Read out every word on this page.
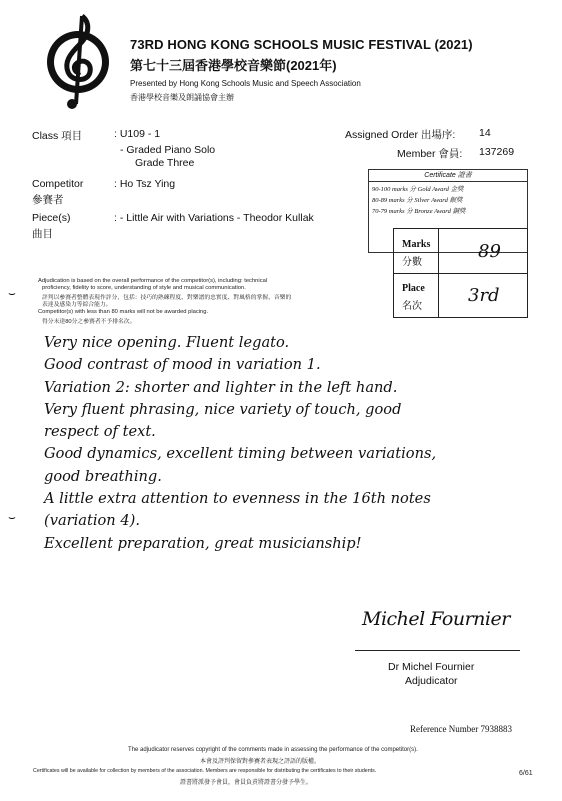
73RD HONG KONG SCHOOLS MUSIC FESTIVAL (2021)
第七十三屆香港學校音樂節(2021年)
Presented by Hong Kong Schools Music and Speech Association
香港學校音樂及朗誦協會主辦
Class 項目	: U109 - 1
- Graded Piano Solo
Grade Three
Assigned Order 出場序: 14
Member 會員: 137269
Competitor
參賽者
: Ho Tsz Ying
Piece(s)
曲目
: - Little Air with Variations - Theodor Kullak
Certificate 證書
90-100 marks 分 Gold Award 金獎
80-89 marks 分 Silver Award 銀獎
70-79 marks 分 Bronze Award 銅獎
Marks
分數
89
Place
名次
3rd
Adjudication is based on the overall performance of the competitor(s), including: technical
proficiency, fidelity to score, understanding of style and musical communication.
評判以參賽者整體表現作評分，包括：技巧的熟練程度、對樂譜的忠實度、對風格的掌握、音樂的
表達及感染力等綜合能力。
Competitor(s) with less than 80 marks will not be awarded placing.
得分未達80分之參賽者不予排名次。
⌣
⌣
Very nice opening. Fluent legato.
Good contrast of mood in variation 1.
Variation 2: shorter and lighter in the left hand.
Very fluent phrasing, nice variety of touch, good
respect of text.
Good dynamics, excellent timing between variations,
good breathing.
A little extra attention to evenness in the 16th notes
(variation 4).
Excellent preparation, great musicianship!
Michel Fournier
Dr Michel Fournier
Adjudicator
Reference Number 7938883
The adjudicator reserves copyright of the comments made in assessing the performance of the competitor(s).
本會及評判保留對參賽者表現之評語的版權。
Certificates will be available for collection by members of the association. Members are responsible for distributing the certificates to their students.
證書將派發予會員，會員負責將證書分發予學生。
6/61
